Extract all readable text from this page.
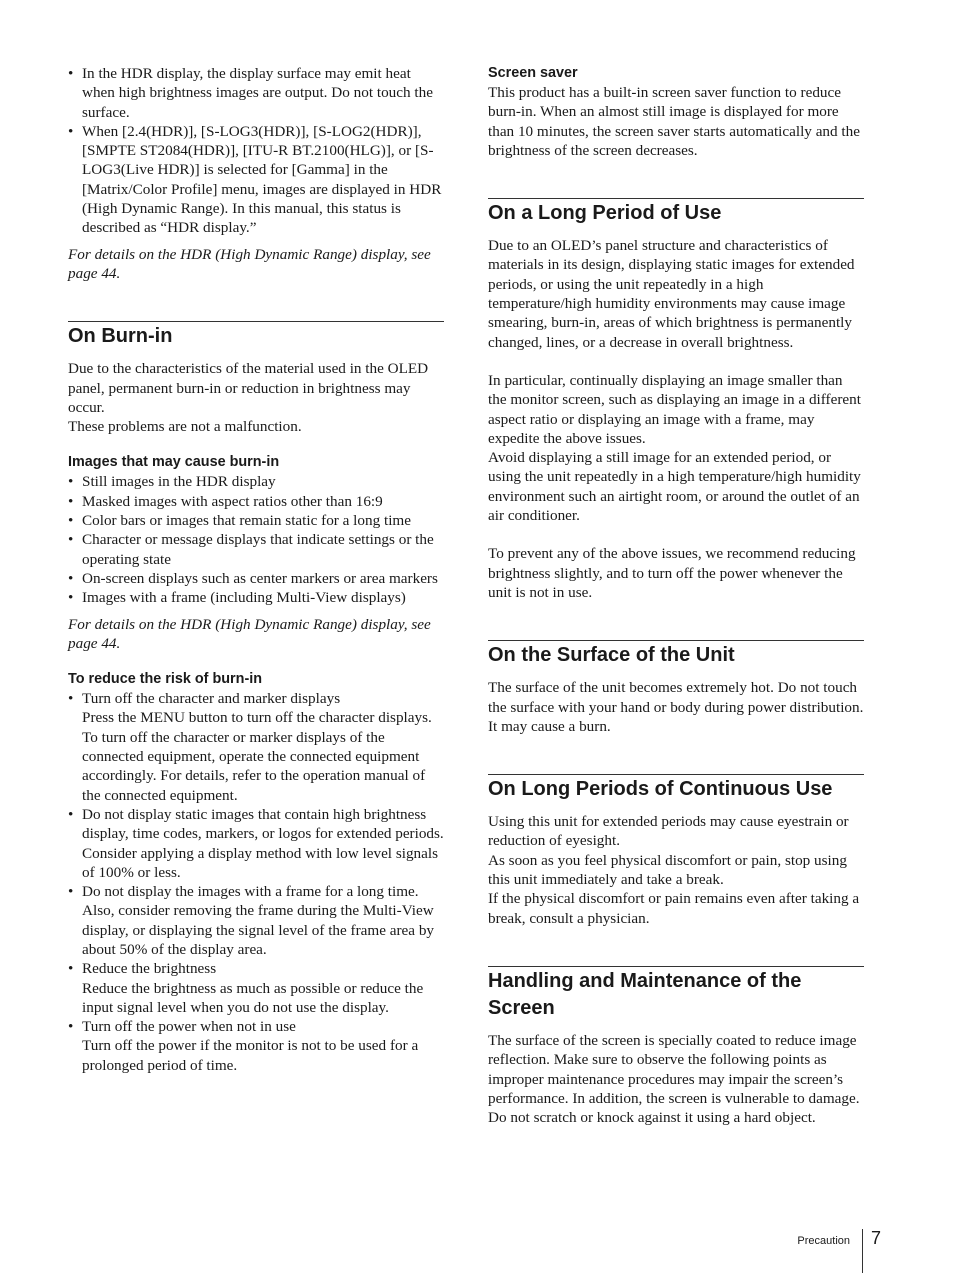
• In the HDR display, the display surface may emit heat when high brightness images are output. Do not touch the surface.
• When [2.4(HDR)], [S-LOG3(HDR)], [S-LOG2(HDR)], [SMPTE ST2084(HDR)], [ITU-R BT.2100(HLG)], or [S-LOG3(Live HDR)] is selected for [Gamma] in the [Matrix/Color Profile] menu, images are displayed in HDR (High Dynamic Range). In this manual, this status is described as “HDR display.”

For details on the HDR (High Dynamic Range) display, see page 44.

On Burn-in

Due to the characteristics of the material used in the OLED panel, permanent burn-in or reduction in brightness may occur.

These problems are not a malfunction.

Images that may cause burn-in
• Still images in the HDR display
• Masked images with aspect ratios other than 16:9
• Color bars or images that remain static for a long time
• Character or message displays that indicate settings or the operating state
• On-screen displays such as center markers or area markers
• Images with a frame (including Multi-View displays)

For details on the HDR (High Dynamic Range) display, see page 44.

To reduce the risk of burn-in
• Turn off the character and marker displays
Press the MENU button to turn off the character displays. To turn off the character or marker displays of the connected equipment, operate the connected equipment accordingly. For details, refer to the operation manual of the connected equipment.
• Do not display static images that contain high brightness display, time codes, markers, or logos for extended periods. Consider applying a display method with low level signals of 100% or less.
• Do not display the images with a frame for a long time. Also, consider removing the frame during the Multi-View display, or displaying the signal level of the frame area by about 50% of the display area.
• Reduce the brightness
Reduce the brightness as much as possible or reduce the input signal level when you do not use the display.
• Turn off the power when not in use
Turn off the power if the monitor is not to be used for a prolonged period of time.
Screen saver

This product has a built-in screen saver function to reduce burn-in. When an almost still image is displayed for more than 10 minutes, the screen saver starts automatically and the brightness of the screen decreases.

On a Long Period of Use

Due to an OLED’s panel structure and characteristics of materials in its design, displaying static images for extended periods, or using the unit repeatedly in a high temperature/high humidity environments may cause image smearing, burn-in, areas of which brightness is permanently changed, lines, or a decrease in overall brightness.

In particular, continually displaying an image smaller than the monitor screen, such as displaying an image in a different aspect ratio or displaying an image with a frame, may expedite the above issues.

Avoid displaying a still image for an extended period, or using the unit repeatedly in a high temperature/high humidity environment such an airtight room, or around the outlet of an air conditioner.

To prevent any of the above issues, we recommend reducing brightness slightly, and to turn off the power whenever the unit is not in use.

On the Surface of the Unit

The surface of the unit becomes extremely hot. Do not touch the surface with your hand or body during power distribution. It may cause a burn.

On Long Periods of Continuous Use

Using this unit for extended periods may cause eyestrain or reduction of eyesight.

As soon as you feel physical discomfort or pain, stop using this unit immediately and take a break.

If the physical discomfort or pain remains even after taking a break, consult a physician.

Handling and Maintenance of the Screen

The surface of the screen is specially coated to reduce image reflection. Make sure to observe the following points as improper maintenance procedures may impair the screen’s performance. In addition, the screen is vulnerable to damage. Do not scratch or knock against it using a hard object.

Precaution 7
